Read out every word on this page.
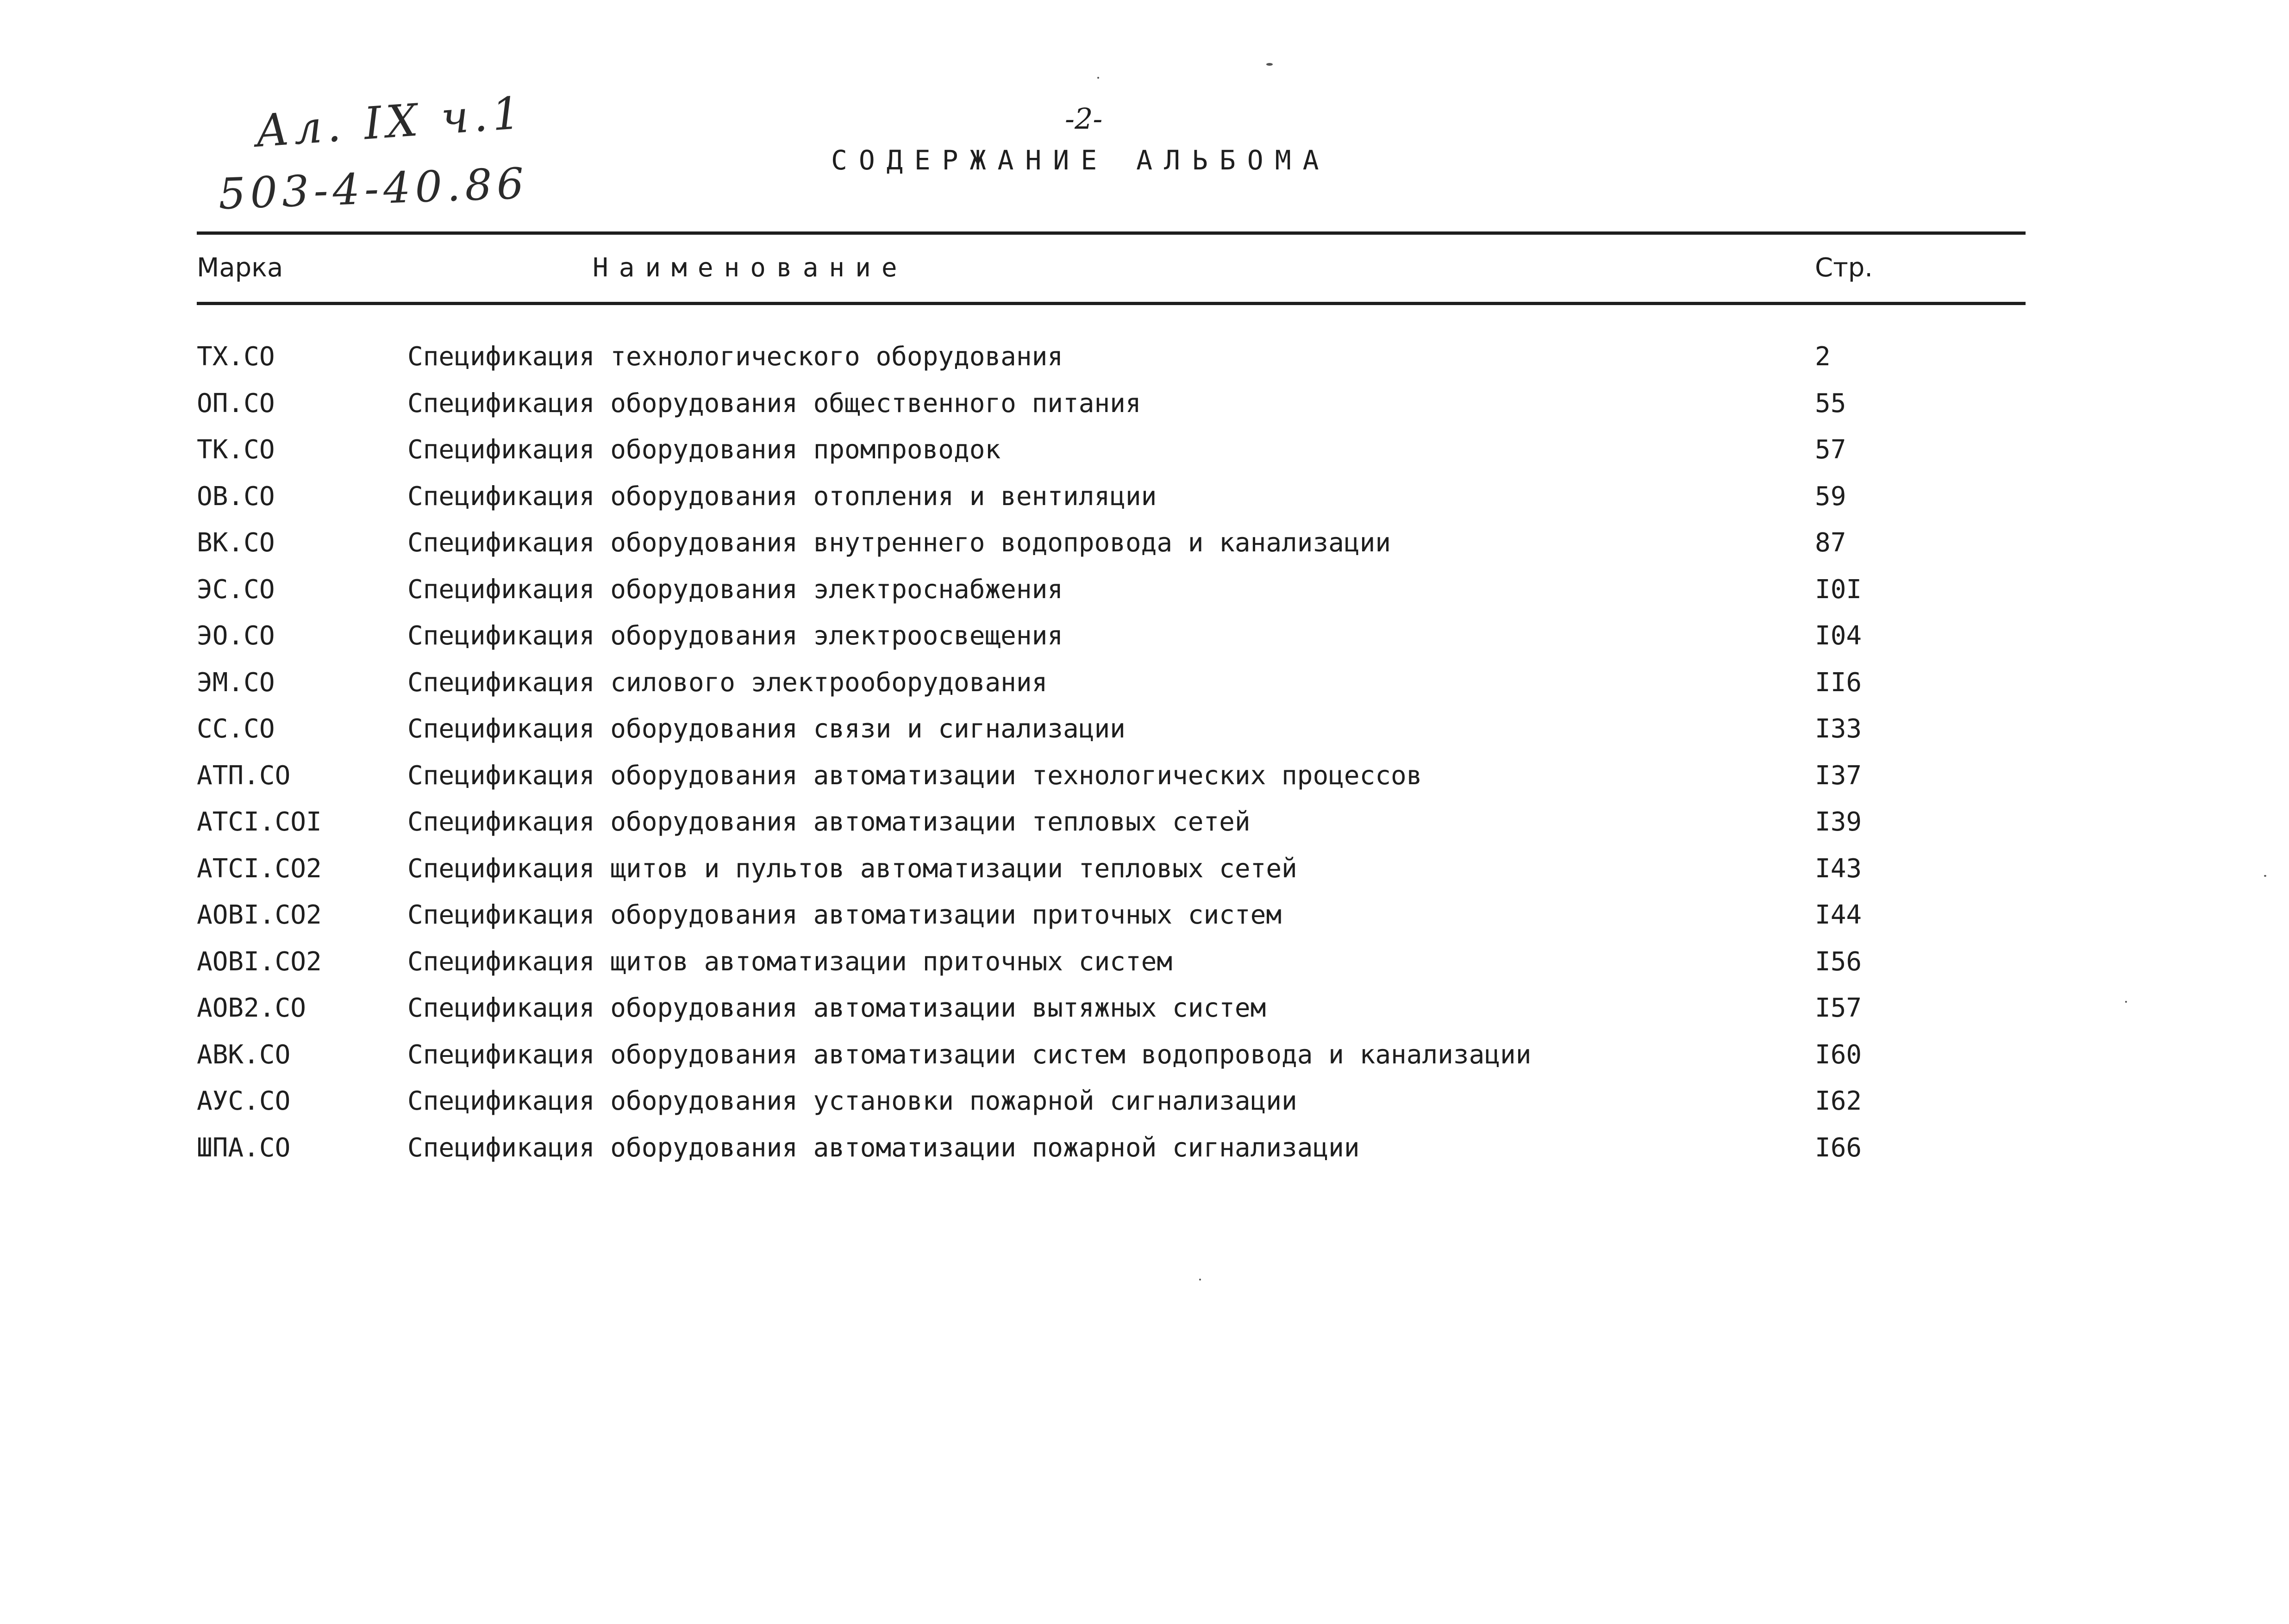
Ал. IX ч.1
503-4-40.86
-2-
СОДЕРЖАНИЕ АЛЬБОМА
Марка	Наименование	Стр.
ТХ.СО	Спецификация технологического оборудования	2
ОП.СО	Спецификация оборудования общественного питания	55
ТК.СО	Спецификация оборудования промпроводок	57
ОВ.СО	Спецификация оборудования отопления и вентиляции	59
ВК.СО	Спецификация оборудования внутреннего водопровода и канализации	87
ЭС.СО	Спецификация оборудования электроснабжения	I0I
ЭО.СО	Спецификация оборудования электроосвещения	I04
ЭМ.СО	Спецификация силового электрооборудования	II6
СС.СО	Спецификация оборудования связи и сигнализации	I33
АТП.СО	Спецификация оборудования автоматизации технологических процессов	I37
АТСI.СОI	Спецификация оборудования автоматизации тепловых сетей	I39
АТСI.СО2	Спецификация щитов и пультов автоматизации тепловых сетей	I43
АОВI.СО2	Спецификация оборудования автоматизации приточных систем	I44
АОВI.СО2	Спецификация щитов автоматизации приточных систем	I56
АОВ2.СО	Спецификация оборудования автоматизации вытяжных систем	I57
АВК.СО	Спецификация оборудования автоматизации систем водопровода и канализации	I60
АУС.СО	Спецификация оборудования установки пожарной сигнализации	I62
ШПА.СО	Спецификация оборудования автоматизации пожарной сигнализации	I66
